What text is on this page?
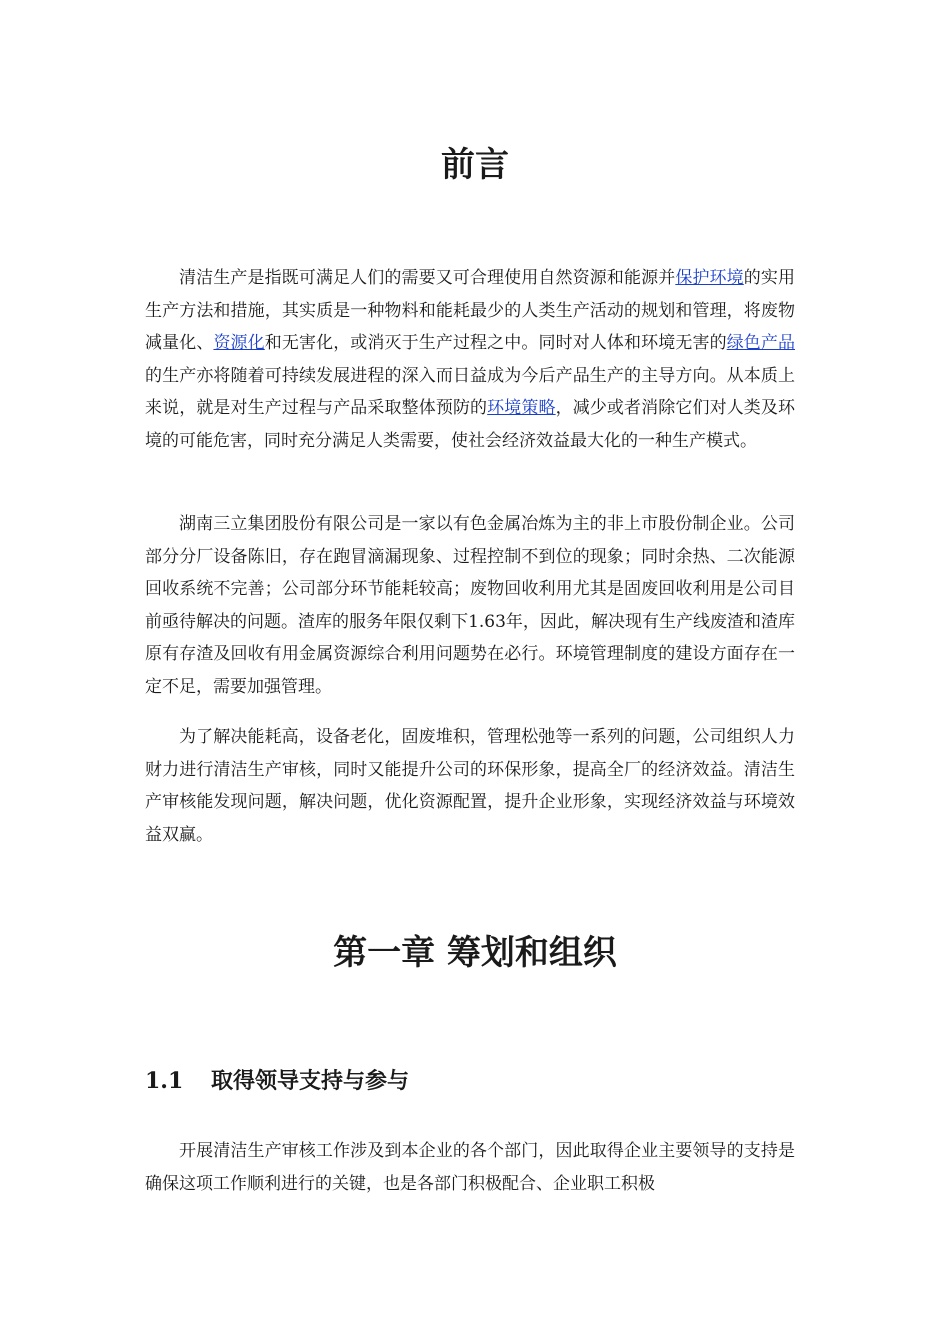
前言

清洁生产是指既可满足人们的需要又可合理使用自然资源和能源并保护环境的实用生产方法和措施，其实质是一种物料和能耗最少的人类生产活动的规划和管理，将废物减量化、资源化和无害化，或消灭于生产过程之中。同时对人体和环境无害的绿色产品的生产亦将随着可持续发展进程的深入而日益成为今后产品生产的主导方向。从本质上来说，就是对生产过程与产品采取整体预防的环境策略，减少或者消除它们对人类及环境的可能危害，同时充分满足人类需要，使社会经济效益最大化的一种生产模式。

湖南三立集团股份有限公司是一家以有色金属冶炼为主的非上市股份制企业。公司部分分厂设备陈旧，存在跑冒滴漏现象、过程控制不到位的现象；同时余热、二次能源回收系统不完善；公司部分环节能耗较高；废物回收利用尤其是固废回收利用是公司目前亟待解决的问题。渣库的服务年限仅剩下1.63年，因此，解决现有生产线废渣和渣库原有存渣及回收有用金属资源综合利用问题势在必行。环境管理制度的建设方面存在一定不足，需要加强管理。

为了解决能耗高，设备老化，固废堆积，管理松弛等一系列的问题，公司组织人力财力进行清洁生产审核，同时又能提升公司的环保形象，提高全厂的经济效益。清洁生产审核能发现问题，解决问题，优化资源配置，提升企业形象，实现经济效益与环境效益双赢。

第一章 筹划和组织
1.1 取得领导支持与参与

开展清洁生产审核工作涉及到本企业的各个部门，因此取得企业主要领导的支持是确保这项工作顺利进行的关键，也是各部门积极配合、企业职工积极
